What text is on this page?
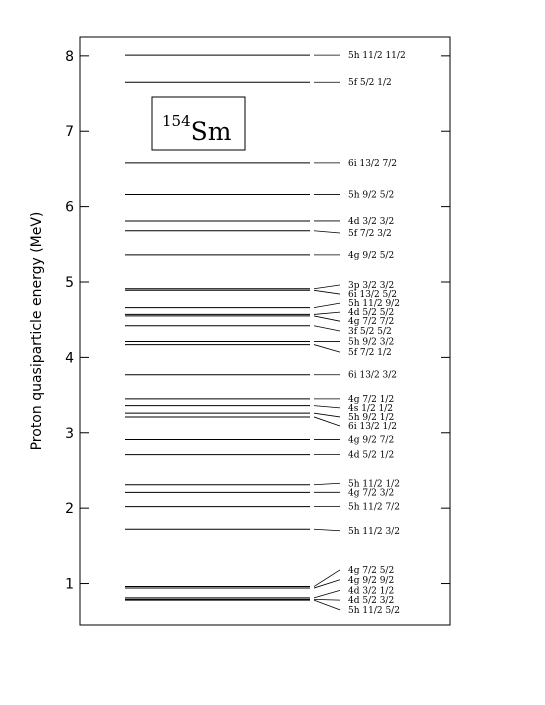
1
2
3
4
5
6
7
8	5h 11/2 11/2
5f 5/2 1/2
6i 13/2 7/2
5h 9/2 5/2
4d 3/2 3/2
5f 7/2 3/2
4g 9/2 5/2
3p 3/2 3/2
6i 13/2 5/2
5h 11/2 9/2
4d 5/2 5/2
4g 7/2 7/2
3f 5/2 5/2
5h 9/2 3/2
5f 7/2 1/2
6i 13/2 3/2
4g 7/2 1/2
4s 1/2 1/2
5h 9/2 1/2
6i 13/2 1/2
4g 9/2 7/2
4d 5/2 1/2
5h 11/2 1/2
4g 7/2 3/2
5h 11/2 7/2
5h 11/2 3/2
4g 7/2 5/2
4g 9/2 9/2
4d 3/2 1/2
4d 5/2 3/2
5h 11/2 5/2
Proton quasiparticle energy (MeV)
154Sm
